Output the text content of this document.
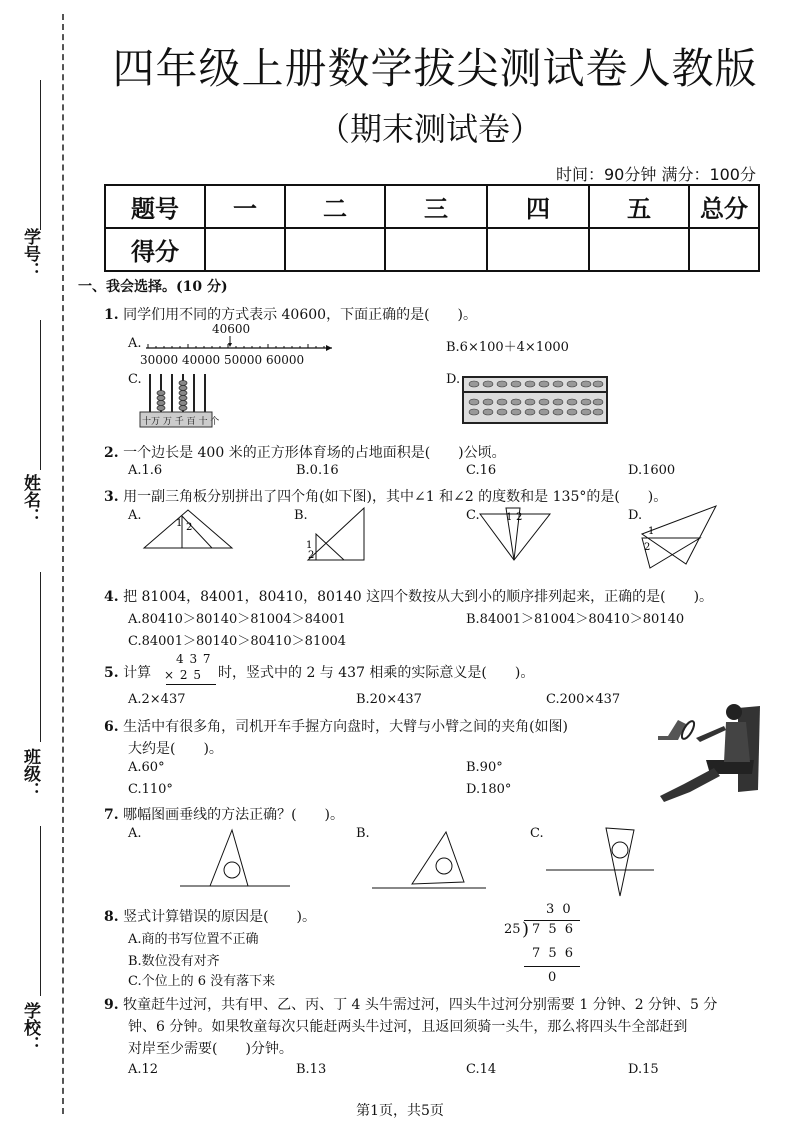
学号：
姓名：
班级：
学校：
四年级上册数学拔尖测试卷人教版
（期末测试卷）
时间：90分钟 满分：100分
题号	一	二	三	四	五	总分
得分						
一、我会选择。(10 分)
1. 同学们用不同的方式表示 40600，下面正确的是(　　)。
A.
40600
30000 40000 50000 60000
B.6×100＋4×1000
C.
十万 万 千 百 十 个
D.
2. 一个边长是 400 米的正方形体育场的占地面积是(　　)公顷。
A.1.6	B.0.16	C.16	D.1600
3. 用一副三角板分别拼出了四个角(如下图)，其中∠1 和∠2 的度数和是 135°的是(　　)。
A.
1 2
B.
1
2
C.	1 2	D.
1
2
4. 把 81004，84001，80410，80140 这四个数按从大到小的顺序排列起来，正确的是(　　)。
A.80410＞80140＞81004＞84001	B.84001＞81004＞80410＞80140
C.84001＞80140＞80410＞81004
5. 计算
4 3 7
× 2 5 时，竖式中的 2 与 437 相乘的实际意义是(　　)。
A.2×437	B.20×437	C.200×437
6. 生活中有很多角，司机开车手握方向盘时，大臂与小臂之间的夹角(如图)
大约是(　　)。
A.60°	B.90°
C.110°	D.180°
7. 哪幅图画垂线的方法正确？(　　)。
A.	B.	C.
8. 竖式计算错误的原因是(　　)。
A.商的书写位置不正确
B.数位没有对齐
C.个位上的 6 没有落下来
3 0
25 ) 7 5 6
7 5 6
0
9. 牧童赶牛过河，共有甲、乙、丙、丁 4 头牛需过河，四头牛过河分别需要 1 分钟、2 分钟、5 分
钟、6 分钟。如果牧童每次只能赶两头牛过河，且返回须骑一头牛，那么将四头牛全部赶到
对岸至少需要(　　)分钟。
A.12	B.13	C.14	D.15
第1页，共5页
